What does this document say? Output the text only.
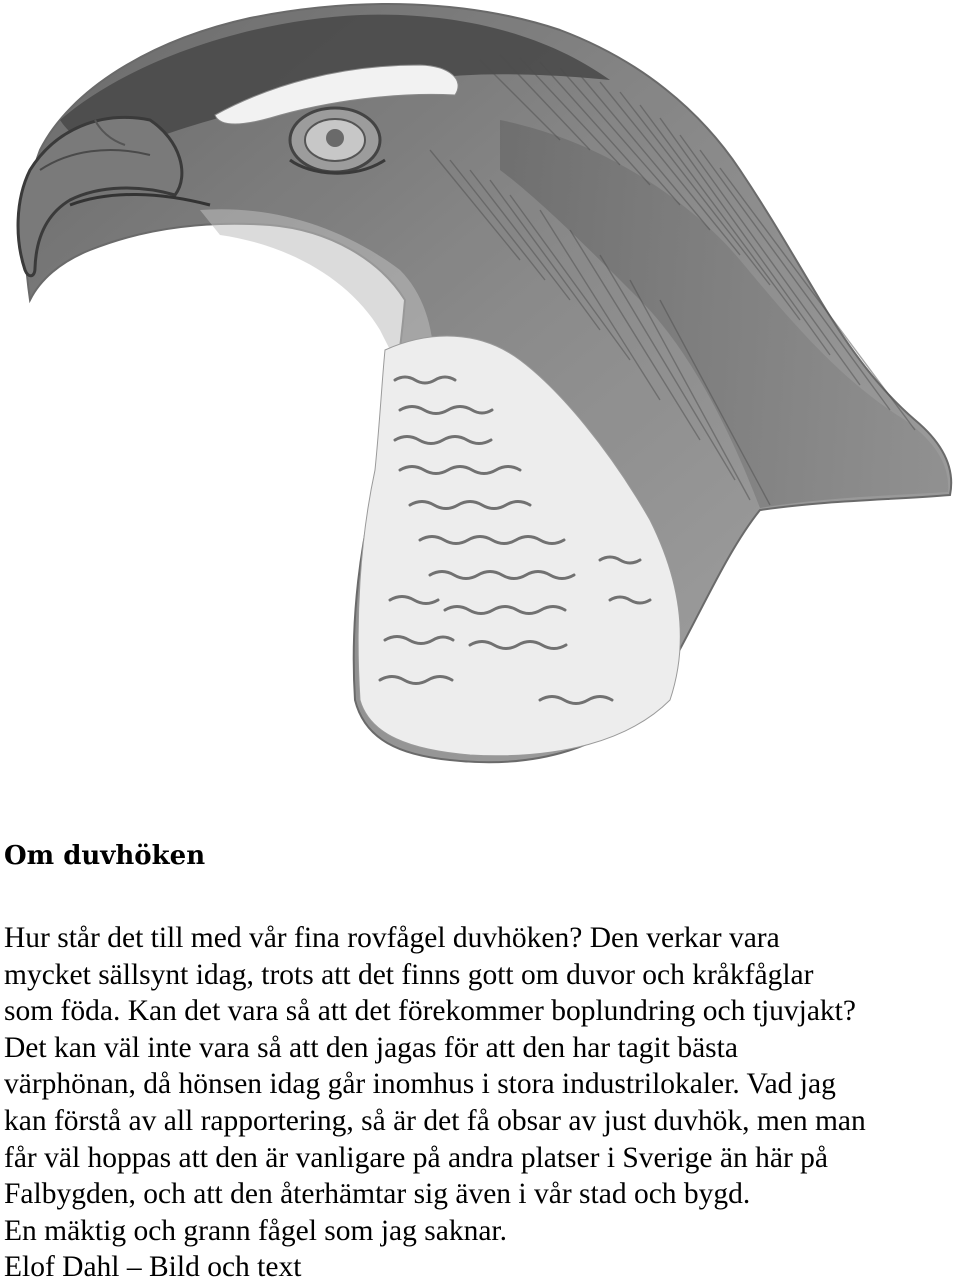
Om duvhöken

Hur står det till med vår fina rovfågel duvhöken? Den verkar vara
mycket sällsynt idag, trots att det finns gott om duvor och kråkfåglar
som föda. Kan det vara så att det förekommer boplundring och tjuvjakt?
Det kan väl inte vara så att den jagas för att den har tagit bästa
värphönan, då hönsen idag går inomhus i stora industrilokaler. Vad jag
kan förstå av all rapportering, så är det få obsar av just duvhök, men man
får väl hoppas att den är vanligare på andra platser i Sverige än här på
Falbygden, och att den återhämtar sig även i vår stad och bygd.

En mäktig och grann fågel som jag saknar.

Elof Dahl – Bild och text
